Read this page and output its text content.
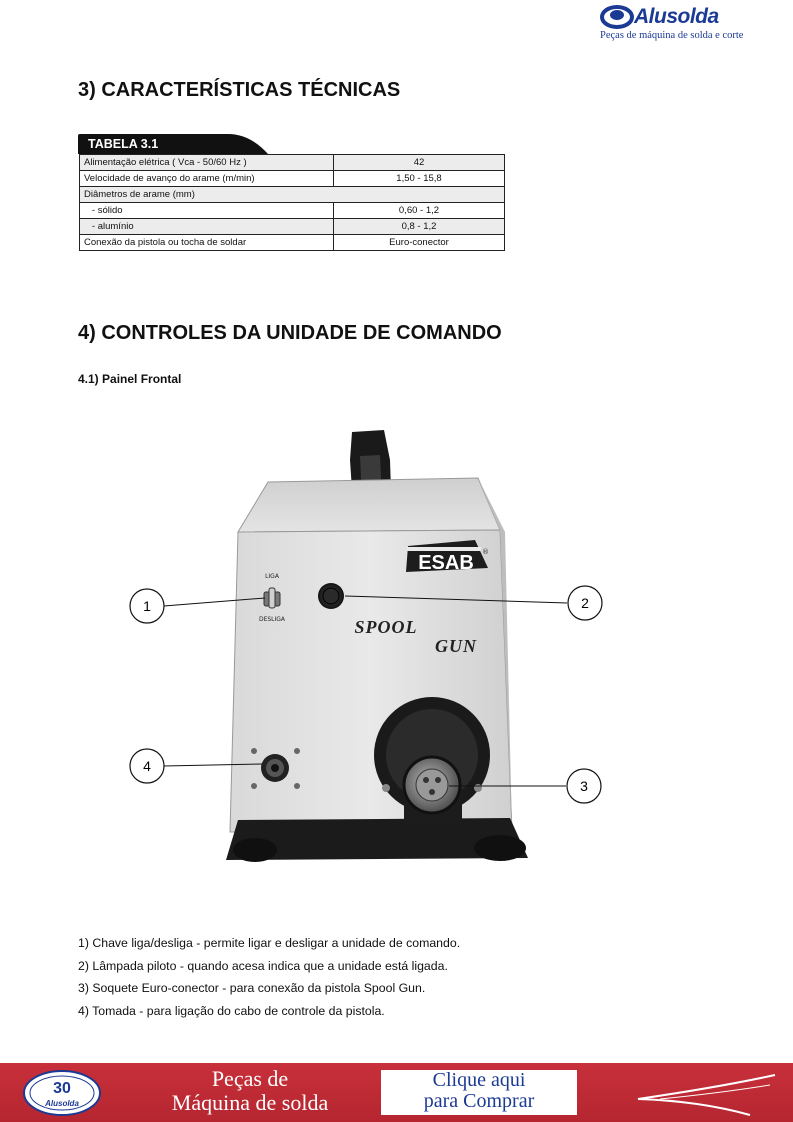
Alusolda
Peças de máquina de solda e corte
3) CARACTERÍSTICAS TÉCNICAS
TABELA 3.1
Alimentação elétrica ( Vca - 50/60 Hz )	42
Velocidade de avanço do arame (m/min)	1,50 - 15,8
Diâmetros de arame (mm)	
- sólido	0,60 - 1,2
- alumínio	0,8 - 1,2
Conexão da pistola ou tocha de soldar	Euro-conector
4) CONTROLES DA UNIDADE DE COMANDO
4.1) Painel Frontal
ESAB ®
LIGA
DESLIGA	SPOOL
GUN
1	2
3
4
1) Chave liga/desliga - permite ligar e desligar a unidade de comando.
2) Lâmpada piloto - quando acesa indica que a unidade está ligada.
3) Soquete Euro-conector - para conexão da pistola Spool Gun.
4) Tomada - para ligação do cabo de controle da pistola.
30
Alusolda
Peças de
Máquina de solda
Clique aqui
para Comprar
